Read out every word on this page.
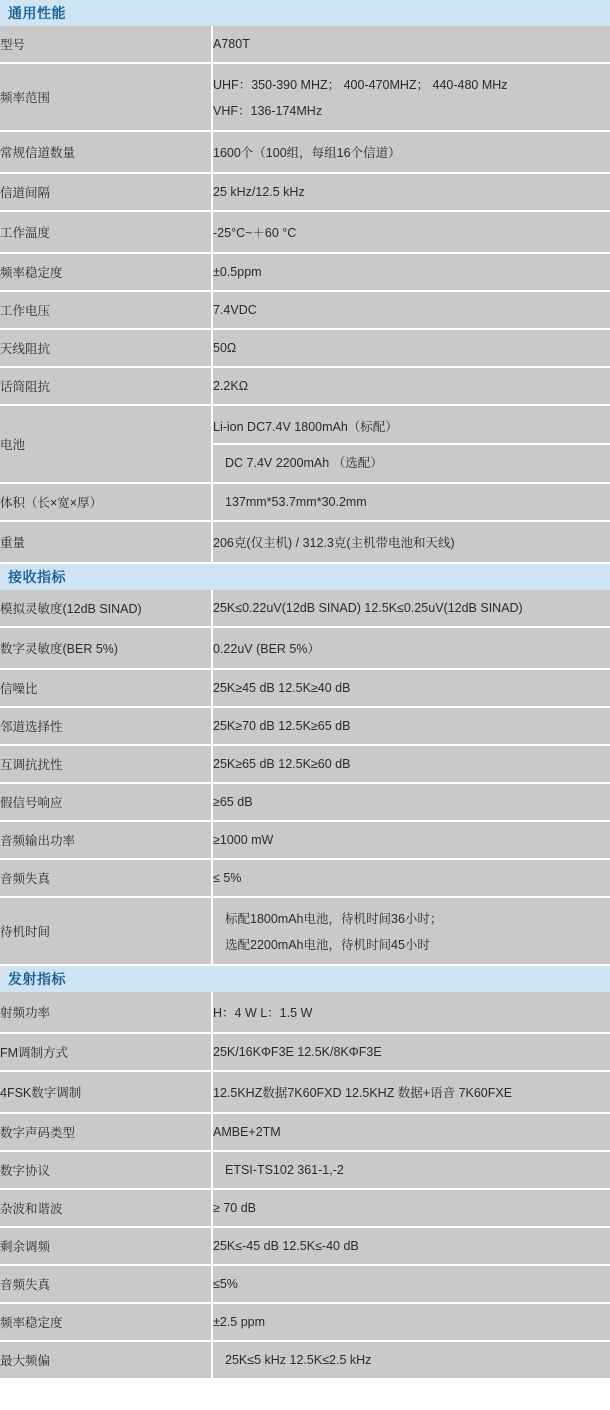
通用性能
型号	A780T

频率范围	UHF：350-390 MHZ； 400-470MHZ； 440-480 MHz
VHF：136-174MHz

常规信道数量	1600个（100组，每组16个信道）

信道间隔	25 kHz/12.5 kHz

工作温度	-25°C~＋60 °C

频率稳定度	±0.5ppm

工作电压	7.4VDC

天线阻抗	50Ω

话筒阻抗	2.2KΩ

电池	Li-ion DC7.4V 1800mAh（标配）
DC 7.4V 2200mAh （选配）

体积（长×宽×厚）	137mm*53.7mm*30.2mm

重量	206克(仅主机) / 312.3克(主机带电池和天线)
接收指标
模拟灵敏度(12dB SINAD)	25K≤0.22uV(12dB SINAD) 12.5K≤0.25uV(12dB SINAD)

数字灵敏度(BER 5%)	0.22uV (BER 5%）

信噪比	25K≥45 dB 12.5K≥40 dB

邻道选择性	25K≥70 dB 12.5K≥65 dB

互调抗扰性	25K≥65 dB 12.5K≥60 dB

假信号响应	≥65 dB

音频输出功率	≥1000 mW

音频失真	≤ 5%

待机时间	标配1800mAh电池，待机时间36小时；
选配2200mAh电池，待机时间45小时
发射指标
射频功率	H：4 W L：1.5 W

FM调制方式	25K/16KΦF3E 12.5K/8KΦF3E

4FSK数字调制	12.5KHZ数据7K60FXD 12.5KHZ 数据+语音 7K60FXE

数字声码类型	AMBE+2TM

数字协议	ETSI-TS102 361-1,-2

杂波和谐波	≥ 70 dB

剩余调频	25K≤-45 dB 12.5K≤-40 dB

音频失真	≤5%

频率稳定度	±2.5 ppm

最大频偏	25K≤5 kHz 12.5K≤2.5 kHz
